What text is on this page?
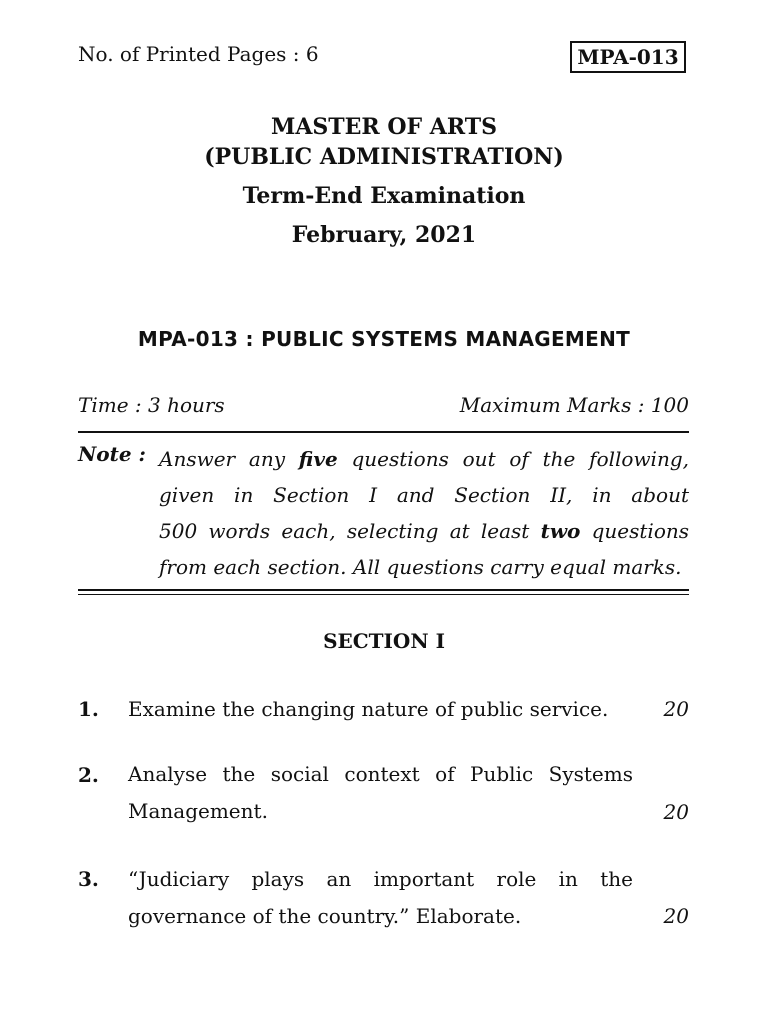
No. of Printed Pages : 6	MPA-013
MASTER OF ARTS
(PUBLIC ADMINISTRATION)
Term-End Examination
February, 2021
MPA-013 : PUBLIC SYSTEMS MANAGEMENT
Time : 3 hours	Maximum Marks : 100
Note : Answer any five questions out of the following,
given in Section I and Section II, in about
500 words each, selecting at least two questions
from each section. All questions carry equal marks.
SECTION I
1. Examine the changing nature of public service.	20
2. Analyse the social context of Public Systems
Management.	20
3. “Judiciary plays an important role in the
governance of the country.” Elaborate.	20
